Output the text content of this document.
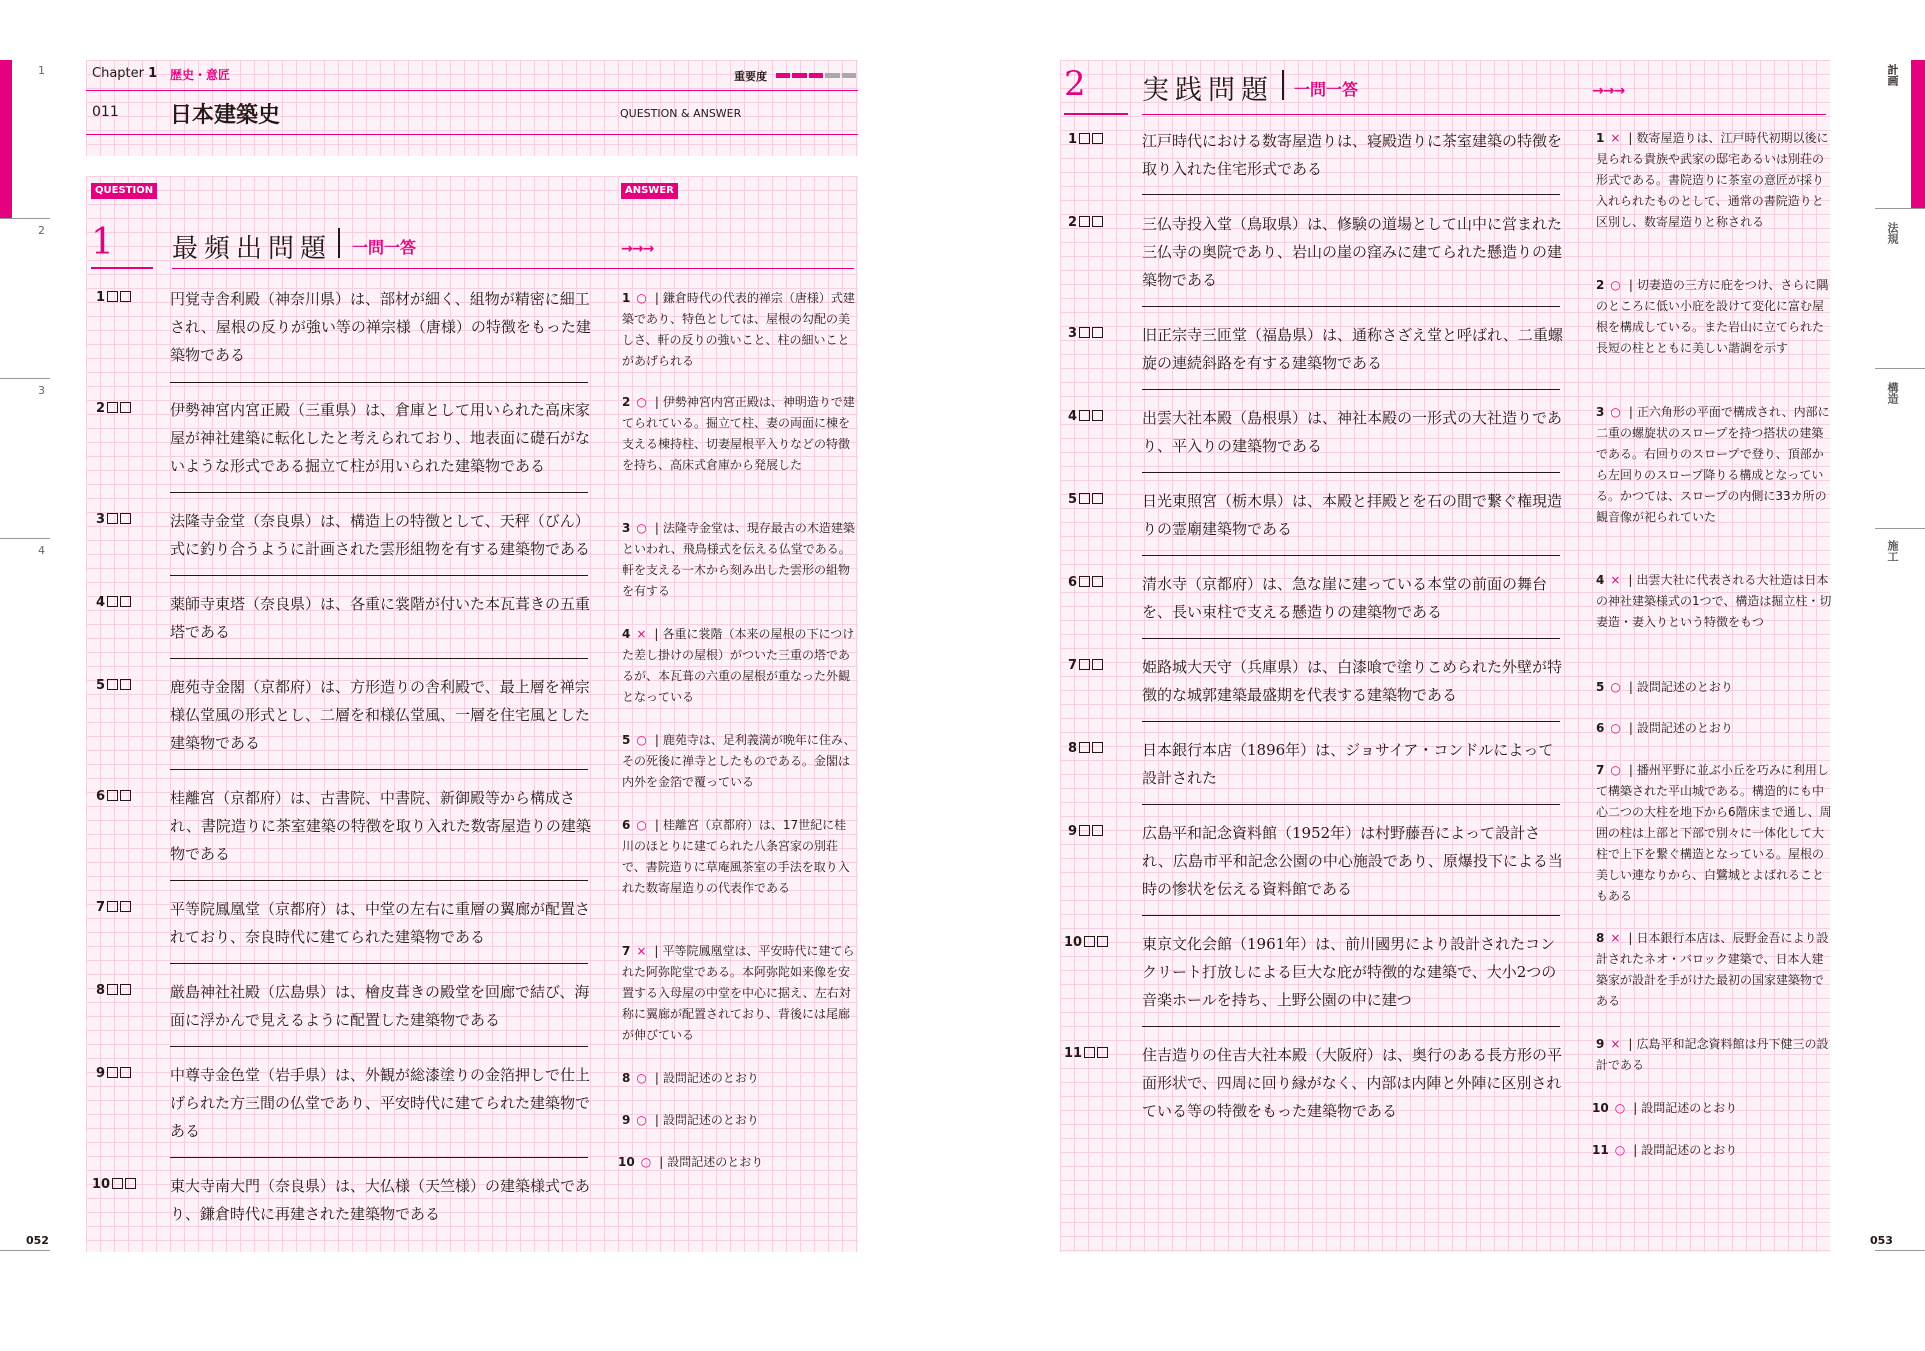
1
2
3
4
052
Chapter 1 歴史・意匠	重要度
011 日本建築史	QUESTION & ANSWER
QUESTION	ANSWER
1 最頻出問題 一問一答	→→→
1	円覚寺舎利殿（神奈川県）は、部材が細く、組物が精密に細工され、屋根の反りが強い等の禅宗様（唐様）の特徴をもった建築物である
2	伊勢神宮内宮正殿（三重県）は、倉庫として用いられた高床家屋が神社建築に転化したと考えられており、地表面に礎石がないような形式である掘立て柱が用いられた建築物である
3	法隆寺金堂（奈良県）は、構造上の特徴として、天秤（びん）式に釣り合うように計画された雲形組物を有する建築物である
4	薬師寺東塔（奈良県）は、各重に裳階が付いた本瓦葺きの五重塔である
5	鹿苑寺金閣（京都府）は、方形造りの舎利殿で、最上層を禅宗様仏堂風の形式とし、二層を和様仏堂風、一層を住宅風とした建築物である
6	桂離宮（京都府）は、古書院、中書院、新御殿等から構成され、書院造りに茶室建築の特徴を取り入れた数寄屋造りの建築物である
7	平等院鳳凰堂（京都府）は、中堂の左右に重層の翼廊が配置されており、奈良時代に建てられた建築物である
8	厳島神社社殿（広島県）は、檜皮葺きの殿堂を回廊で結び、海面に浮かんで見えるように配置した建築物である
9	中尊寺金色堂（岩手県）は、外観が総漆塗りの金箔押しで仕上げられた方三間の仏堂であり、平安時代に建てられた建築物である
10	東大寺南大門（奈良県）は、大仏様（天竺様）の建築様式であり、鎌倉時代に再建された建築物である
1 ○ | 鎌倉時代の代表的禅宗（唐様）式建築であり、特色としては、屋根の勾配の美しさ、軒の反りの強いこと、柱の細いことがあげられる
2 ○ | 伊勢神宮内宮正殿は、神明造りで建てられている。掘立て柱、妻の両面に棟を支える棟持柱、切妻屋根平入りなどの特徴を持ち、高床式倉庫から発展した
3 ○ | 法隆寺金堂は、現存最古の木造建築といわれ、飛鳥様式を伝える仏堂である。軒を支える一木から刻み出した雲形の組物を有する
4 × | 各重に裳階（本来の屋根の下につけた差し掛けの屋根）がついた三重の塔であるが、本瓦葺の六重の屋根が重なった外観となっている
5 ○ | 鹿苑寺は、足利義満が晩年に住み、その死後に禅寺としたものである。金閣は内外を金箔で覆っている
6 ○ | 桂離宮（京都府）は、17世紀に桂川のほとりに建てられた八条宮家の別荘で、書院造りに草庵風茶室の手法を取り入れた数寄屋造りの代表作である
7 × | 平等院鳳凰堂は、平安時代に建てられた阿弥陀堂である。本阿弥陀如来像を安置する入母屋の中堂を中心に据え、左右対称に翼廊が配置されており、背後には尾廊が伸びている
8 ○ | 設問記述のとおり
9 ○ | 設問記述のとおり
10 ○ | 設問記述のとおり
2 実践問題 一問一答	→→→
1	江戸時代における数寄屋造りは、寝殿造りに茶室建築の特徴を取り入れた住宅形式である
2	三仏寺投入堂（鳥取県）は、修験の道場として山中に営まれた三仏寺の奥院であり、岩山の崖の窪みに建てられた懸造りの建築物である
3	旧正宗寺三匝堂（福島県）は、通称さざえ堂と呼ばれ、二重螺旋の連続斜路を有する建築物である
4	出雲大社本殿（島根県）は、神社本殿の一形式の大社造りであり、平入りの建築物である
5	日光東照宮（栃木県）は、本殿と拝殿とを石の間で繋ぐ権現造りの霊廟建築物である
6	清水寺（京都府）は、急な崖に建っている本堂の前面の舞台を、長い束柱で支える懸造りの建築物である
7	姫路城大天守（兵庫県）は、白漆喰で塗りこめられた外壁が特徴的な城郭建築最盛期を代表する建築物である
8	日本銀行本店（1896年）は、ジョサイア・コンドルによって設計された
9	広島平和記念資料館（1952年）は村野藤吾によって設計され、広島市平和記念公園の中心施設であり、原爆投下による当時の惨状を伝える資料館である
10	東京文化会館（1961年）は、前川國男により設計されたコンクリート打放しによる巨大な庇が特徴的な建築で、大小2つの音楽ホールを持ち、上野公園の中に建つ
11	住吉造りの住吉大社本殿（大阪府）は、奥行のある長方形の平面形状で、四周に回り縁がなく、内部は内陣と外陣に区別されている等の特徴をもった建築物である
1 × | 数寄屋造りは、江戸時代初期以後に見られる貴族や武家の邸宅あるいは別荘の形式である。書院造りに茶室の意匠が採り入れられたものとして、通常の書院造りと区別し、数寄屋造りと称される
2 ○ | 切妻造の三方に庇をつけ、さらに隅のところに低い小庇を設けて変化に富む屋根を構成している。また岩山に立てられた長短の柱とともに美しい諧調を示す
3 ○ | 正六角形の平面で構成され、内部に二重の螺旋状のスロープを持つ搭状の建築である。右回りのスロープで登り、頂部から左回りのスロープ降りる構成となっている。かつては、スロープの内側に33カ所の観音像が祀られていた
4 × | 出雲大社に代表される大社造は日本の神社建築様式の1つで、構造は掘立柱・切妻造・妻入りという特徴をもつ
5 ○ | 設問記述のとおり
6 ○ | 設問記述のとおり
7 ○ | 播州平野に並ぶ小丘を巧みに利用して構築された平山城である。構造的にも中心二つの大柱を地下から6階床まで通し、周囲の柱は上部と下部で別々に一体化して大柱で上下を繋ぐ構造となっている。屋根の美しい連なりから、白鷺城とよばれることもある
8 × | 日本銀行本店は、辰野金吾により設計されたネオ・バロック建築で、日本人建築家が設計を手がけた最初の国家建築物である
9 × | 広島平和記念資料館は丹下健三の設計である
10 ○ | 設問記述のとおり
11 ○ | 設問記述のとおり
計画
法規
構造
施工
053
